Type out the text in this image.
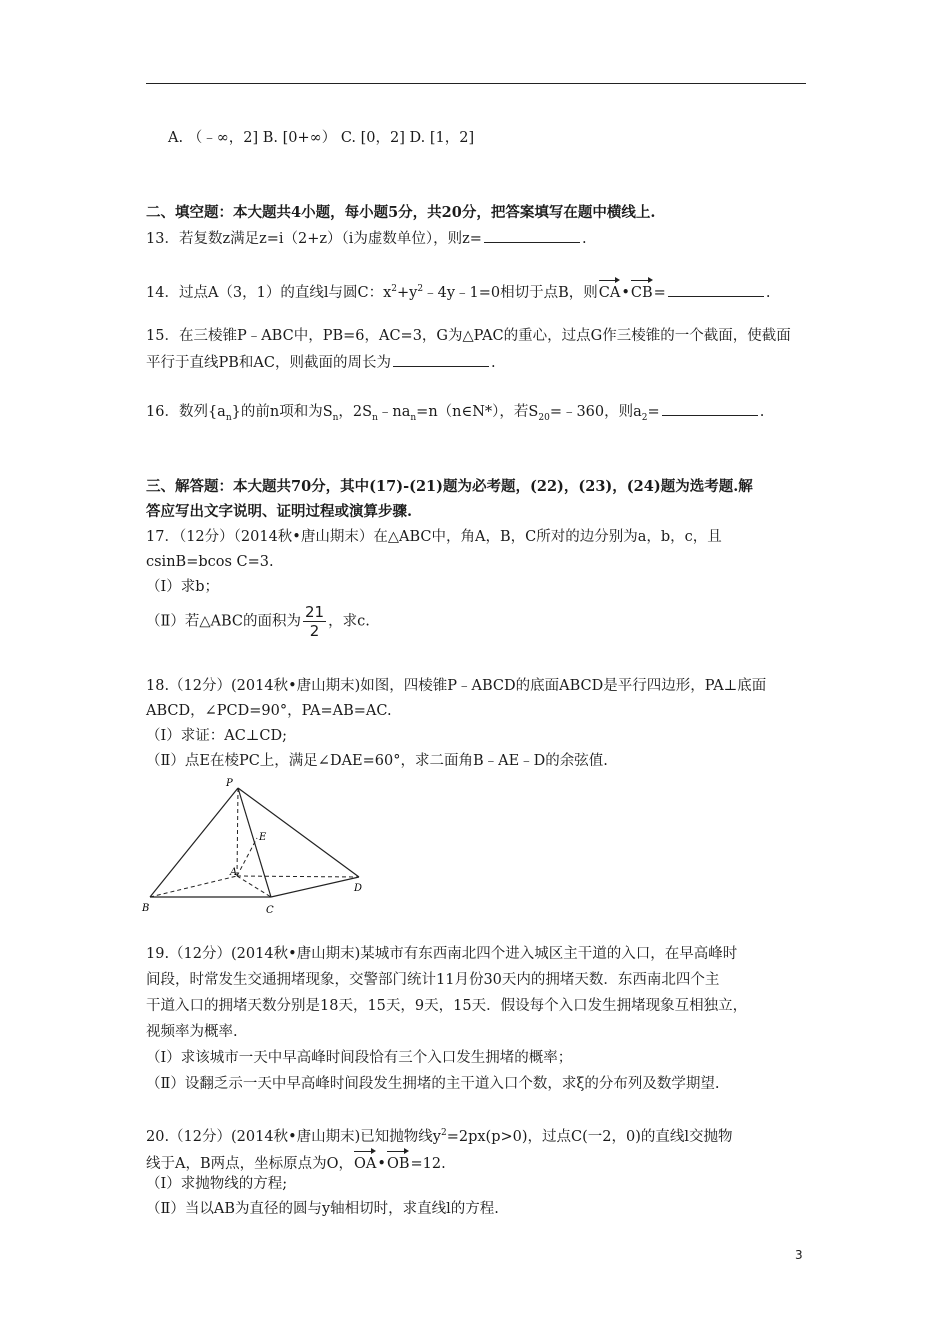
A. （﹣∞，2] B. [0+∞） C. [0，2] D. [1，2]
二、填空题：本大题共4小题，每小题5分，共20分，把答案填写在题中横线上.
13．若复数z满足z=i（2+z）（i为虚数单位），则z=	.
14．过点A（3，1）的直线l与圆C：$x^2+y^2﹣4y﹣1=0$相切于点B，则CA•CB=	.
15．在三棱锥P﹣ABC中，PB=6，AC=3，G为△PAC的重心，过点G作三棱锥的一个截面，使截面
平行于直线PB和AC，则截面的周长为	.
16．数列$\{a_n\}$的前n项和为$S_n$，$2S_n﹣na_n=n(n\in N*)$，若$S_{20}=﹣360$，则$a_2=$	.
三、解答题：本大题共70分，其中(17)-(21)题为必考题，(22)，(23)，(24)题为选考题.解
答应写出文字说明、证明过程或演算步骤.
17．（12分）（2014秋•唐山期末）在△ABC中，角A，B，C所对的边分别为a，b，c，且
csinB=bcos C=3.
（I）求b；
（Ⅱ）若△ABC的面积为 $\frac{21}{2}$ ，求c.
18.（12分）(2014秋•唐山期末)如图，四棱锥P﹣ABCD的底面ABCD是平行四边形，PA⊥底面
ABCD，∠PCD=90°，PA=AB=AC.
（I）求证：AC⊥CD;
（Ⅱ）点E在棱PC上，满足∠DAE=60°，求二面角B﹣AE﹣D的余弦值.
P
E
A
B	C
D
19.（12分）(2014秋•唐山期末)某城市有东西南北四个进入城区主干道的入口，在早高峰时
间段，时常发生交通拥堵现象，交警部门统计11月份30天内的拥堵天数．东西南北四个主
干道入口的拥堵天数分别是18天，15天，9天，15天．假设每个入口发生拥堵现象互相独立，
视频率为概率.
（I）求该城市一天中早高峰时间段恰有三个入口发生拥堵的概率；
（Ⅱ）设翻乏示一天中早高峰时间段发生拥堵的主干道入口个数，求ξ的分布列及数学期望.
20.（12分）(2014秋•唐山期末)已知抛物线$y^2=2px(p>0)$，过点C(一2，0)的直线l交抛物
线于A，B两点，坐标原点为O，OA•OB=12.
（I）求抛物线的方程;
（Ⅱ）当以AB为直径的圆与y轴相切时，求直线l的方程.
3
